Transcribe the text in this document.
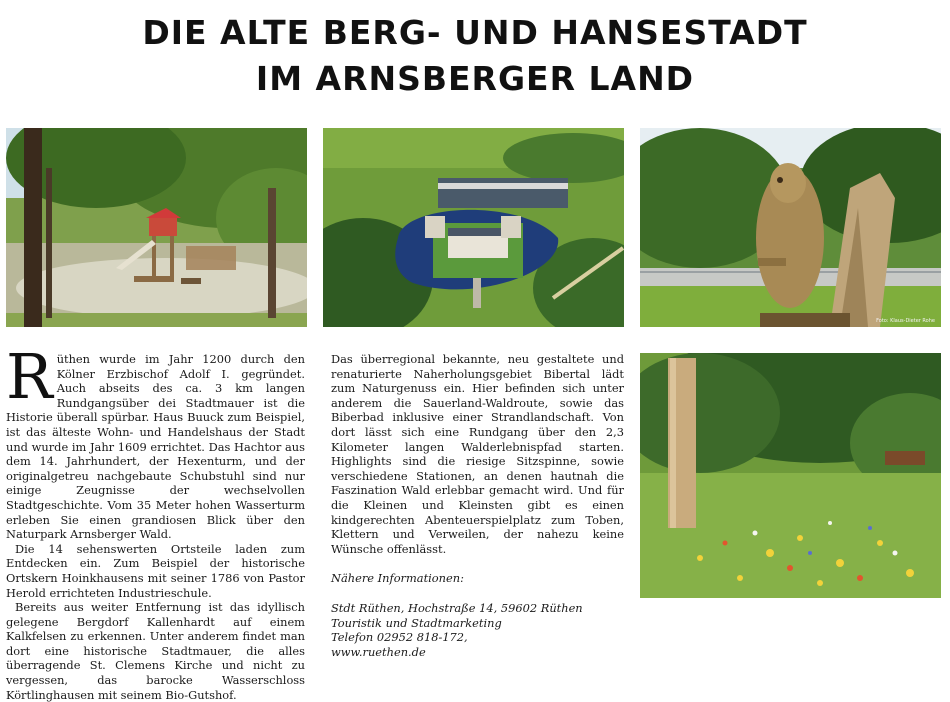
DIE ALTE BERG- UND HANSESTADT
IM ARNSBERGER LAND
Foto: Klaus-Dieter Rohe

Rüthen wurde im Jahr 1200 durch den Kölner Erzbischof Adolf I. gegründet. Auch abseits des ca. 3 km langen Rundgangsüber dei Stadtmauer ist die Historie überall spürbar. Haus Buuck zum Beispiel, ist das älteste Wohn- und Handelshaus der Stadt und wurde im Jahr 1609 errichtet. Das Hachtor aus dem 14. Jahrhundert, der Hexenturm, und der originalgetreu nachgebaute Schubstuhl sind nur einige Zeugnisse der wechselvollen Stadtgeschichte. Vom 35 Meter hohen Wasserturm erleben Sie einen grandiosen Blick über den Naturpark Arnsberger Wald.

Die 14 sehenswerten Ortsteile laden zum Entdecken ein. Zum Beispiel der historische Ortskern Hoinkhausens mit seiner 1786 von Pastor Herold errichteten Industrieschule.

Bereits aus weiter Entfernung ist das idyllisch gelegene Bergdorf Kallenhardt auf einem Kalkfelsen zu erkennen. Unter anderem findet man dort eine historische Stadtmauer, die alles überragende St. Clemens Kirche und nicht zu vergessen, das barocke Wasserschloss Körtlinghausen mit seinem Bio-Gutshof.

Das überregional bekannte, neu gestaltete und renaturierte Naherholungsgebiet Bibertal lädt zum Naturgenuss ein. Hier befinden sich unter anderem die Sauerland-Waldroute, sowie das Biberbad inklusive einer Strandlandschaft. Von dort lässt sich eine Rundgang über den 2,3 Kilometer langen Walderlebnispfad starten. Highlights sind die riesige Sitzspinne, sowie verschiedene Stationen, an denen hautnah die Faszination Wald erlebbar gemacht wird. Und für die Kleinen und Kleinsten gibt es einen kindgerechten Abenteuerspielplatz zum Toben, Klettern und Verweilen, der nahezu keine Wünsche offenlässt.

Nähere Informationen:

Stdt Rüthen, Hochstraße 14, 59602 Rüthen
Touristik und Stadtmarketing
Telefon 02952 818-172,
www.ruethen.de
